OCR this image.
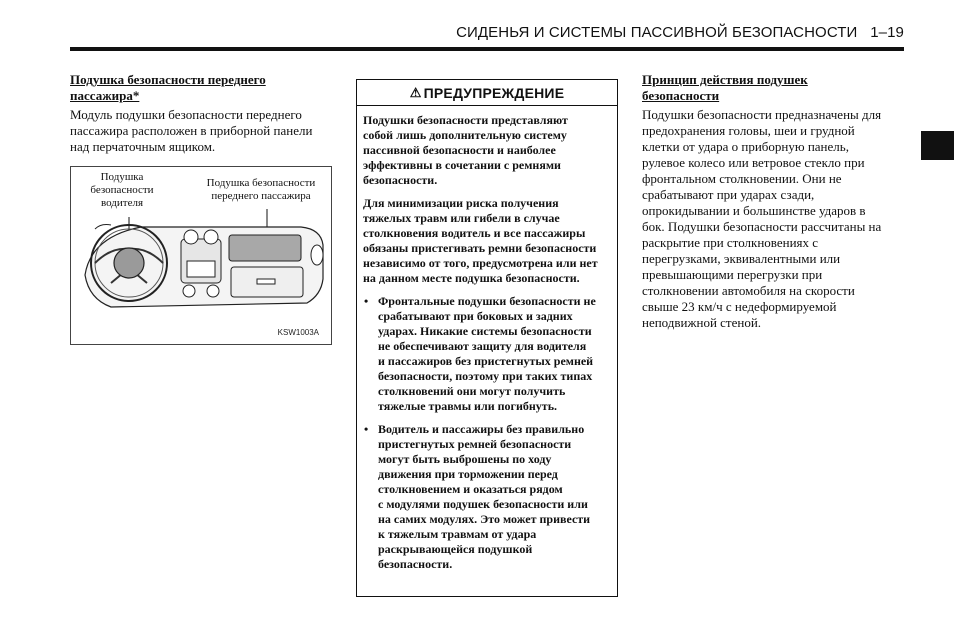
СИДЕНЬЯ И СИСТЕМЫ ПАССИВНОЙ БЕЗОПАСНОСТИ 1–19
Подушка безопасности переднего
пассажира*
Модуль подушки безопасности переднего
пассажира расположен в приборной панели
над перчаточным ящиком.
Подушка
безопасности
водителя
Подушка безопасности
переднего пассажира
KSW1003A
⚠ ПРЕДУПРЕЖДЕНИЕ

Подушки безопасности представляют
собой лишь дополнительную систему
пассивной безопасности и наиболее
эффективны в сочетании с ремнями
безопасности.

Для минимизации риска получения
тяжелых травм или гибели в случае
столкновения водитель и все пассажиры
обязаны пристегивать ремни безопасности
независимо от того, предусмотрена или нет
на данном месте подушка безопасности.

• Фронтальные подушки безопасности не
срабатывают при боковых и задних
ударах. Никакие системы безопасности
не обеспечивают защиту для водителя
и пассажиров без пристегнутых ремней
безопасности, поэтому при таких типах
столкновений они могут получить
тяжелые травмы или погибнуть.
• Водитель и пассажиры без правильно
пристегнутых ремней безопасности
могут быть выброшены по ходу
движения при торможении перед
столкновением и оказаться рядом
с модулями подушек безопасности или
на самих модулях. Это может привести
к тяжелым травмам от удара
раскрывающейся подушкой
безопасности.
Принцип действия подушек
безопасности
Подушки безопасности предназначены для
предохранения головы, шеи и грудной
клетки от удара о приборную панель,
рулевое колесо или ветровое стекло при
фронтальном столкновении. Они не
срабатывают при ударах сзади,
опрокидывании и большинстве ударов в
бок. Подушки безопасности рассчитаны на
раскрытие при столкновениях с
перегрузками, эквивалентными или
превышающими перегрузки при
столкновении автомобиля на скорости
свыше 23 км/ч с недеформируемой
неподвижной стеной.
